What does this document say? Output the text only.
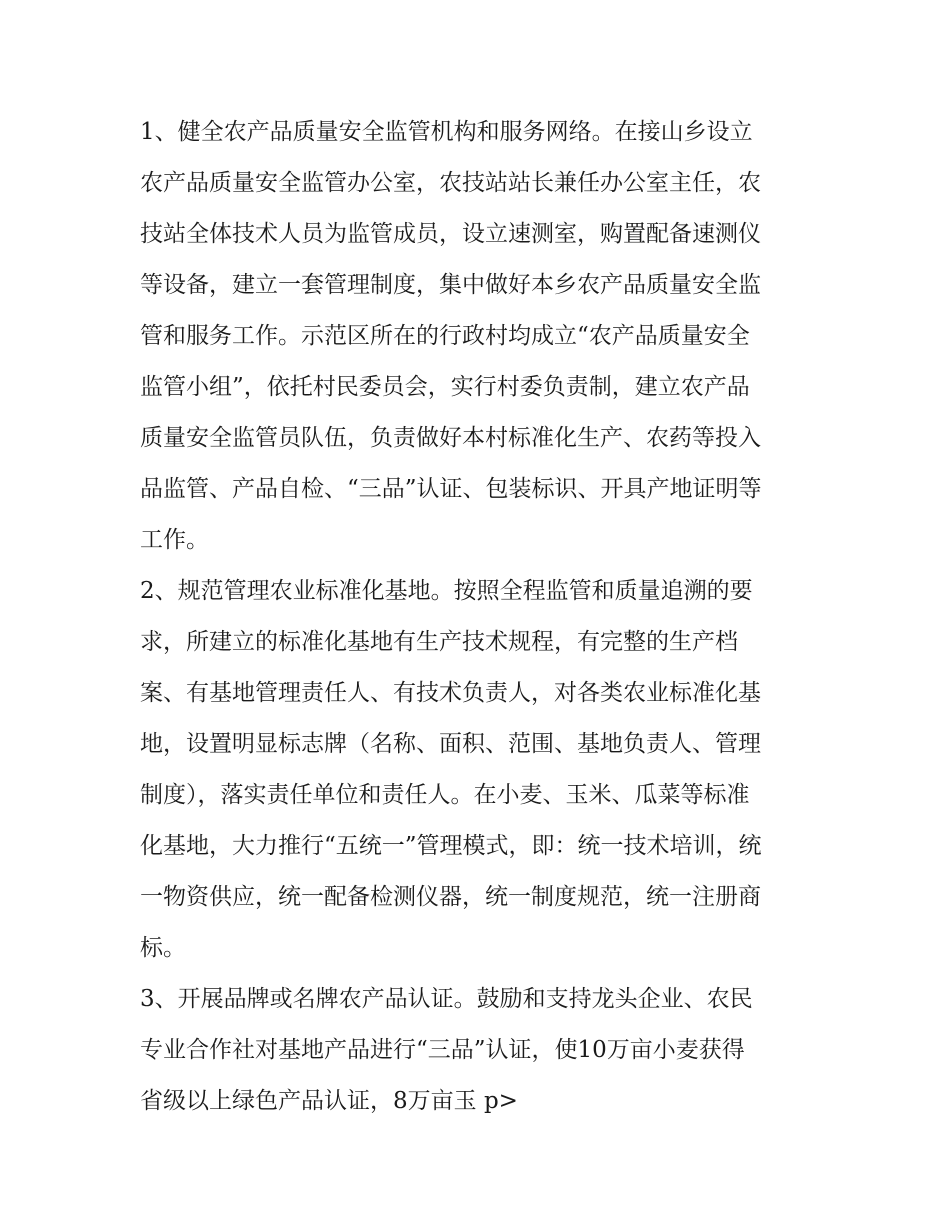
1、健全农产品质量安全监管机构和服务网络。在接山乡设立
农产品质量安全监管办公室，农技站站长兼任办公室主任，农
技站全体技术人员为监管成员，设立速测室，购置配备速测仪
等设备，建立一套管理制度，集中做好本乡农产品质量安全监
管和服务工作。示范区所在的行政村均成立“农产品质量安全
监管小组”，依托村民委员会，实行村委负责制，建立农产品
质量安全监管员队伍，负责做好本村标准化生产、农药等投入
品监管、产品自检、“三品”认证、包装标识、开具产地证明等
工作。
2、规范管理农业标准化基地。按照全程监管和质量追溯的要
求，所建立的标准化基地有生产技术规程，有完整的生产档
案、有基地管理责任人、有技术负责人，对各类农业标准化基
地，设置明显标志牌（名称、面积、范围、基地负责人、管理
制度），落实责任单位和责任人。在小麦、玉米、瓜菜等标准
化基地，大力推行“五统一”管理模式，即：统一技术培训，统
一物资供应，统一配备检测仪器，统一制度规范，统一注册商
标。
3、开展品牌或名牌农产品认证。鼓励和支持龙头企业、农民
专业合作社对基地产品进行“三品”认证，使10万亩小麦获得
省级以上绿色产品认证，8万亩玉 p>
